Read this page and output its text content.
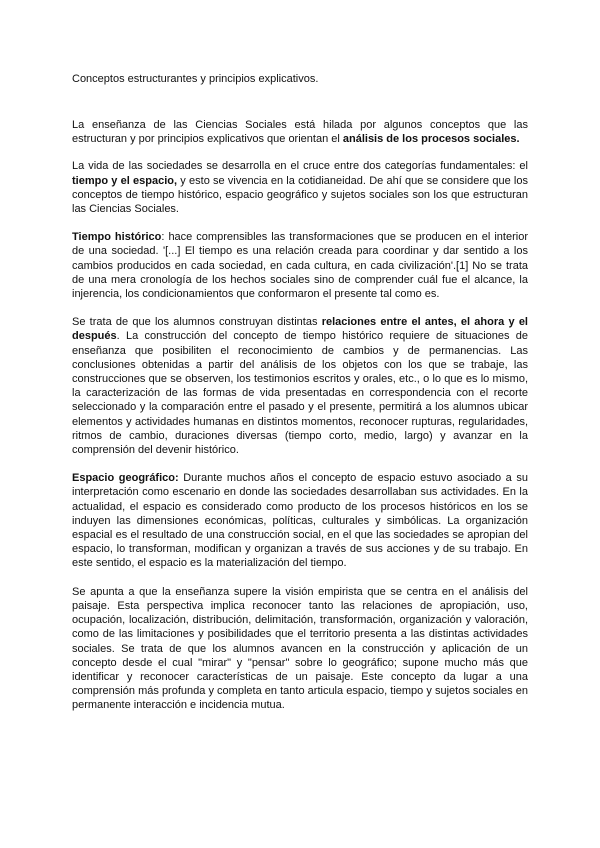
Conceptos estructurantes y principios explicativos.

La enseñanza de las Ciencias Sociales está hilada por algunos conceptos que las estructuran y por principios explicativos que orientan el análisis de los procesos sociales.

La vida de las sociedades se desarrolla en el cruce entre dos categorías fundamentales: el tiempo y el espacio, y esto se vivencia en la cotidianeidad. De ahí que se considere que los conceptos de tiempo histórico, espacio geográfico y sujetos sociales son los que estructuran las Ciencias Sociales.

Tiempo histórico: hace comprensibles las transformaciones que se producen en el interior de una sociedad. '[...] El tiempo es una relación creada para coordinar y dar sentido a los cambios producidos en cada sociedad, en cada cultura, en cada civilización'.[1] No se trata de una mera cronología de los hechos sociales sino de comprender cuál fue el alcance, la injerencia, los condicionamientos que conformaron el presente tal como es.

Se trata de que los alumnos construyan distintas relaciones entre el antes, el ahora y el después. La construcción del concepto de tiempo histórico requiere de situaciones de enseñanza que posibiliten el reconocimiento de cambios y de permanencias. Las conclusiones obtenidas a partir del análisis de los objetos con los que se trabaje, las construcciones que se observen, los testimonios escritos y orales, etc., o lo que es lo mismo, la caracterización de las formas de vida presentadas en correspondencia con el recorte seleccionado y la comparación entre el pasado y el presente, permitirá a los alumnos ubicar elementos y actividades humanas en distintos momentos, reconocer rupturas, regularidades, ritmos de cambio, duraciones diversas (tiempo corto, medio, largo) y avanzar en la comprensión del devenir histórico.

Espacio geográfico: Durante muchos años el concepto de espacio estuvo asociado a su interpretación como escenario en donde las sociedades desarrollaban sus actividades. En la actualidad, el espacio es considerado como producto de los procesos históricos en los se induyen las dimensiones económicas, políticas, culturales y simbólicas. La organización espacial es el resultado de una construcción social, en el que las sociedades se apropian del espacio, lo transforman, modifican y organizan a través de sus acciones y de su trabajo. En este sentido, el espacio es la materialización del tiempo.

Se apunta a que la enseñanza supere la visión empirista que se centra en el análisis del paisaje. Esta perspectiva implica reconocer tanto las relaciones de apropiación, uso, ocupación, localización, distribución, delimitación, transformación, organización y valoración, como de las limitaciones y posibilidades que el territorio presenta a las distintas actividades sociales. Se trata de que los alumnos avancen en la construcción y aplicación de un concepto desde el cual "mirar" y "pensar" sobre lo geográfico; supone mucho más que identificar y reconocer características de un paisaje. Este concepto da lugar a una comprensión más profunda y completa en tanto articula espacio, tiempo y sujetos sociales en permanente interacción e incidencia mutua.
